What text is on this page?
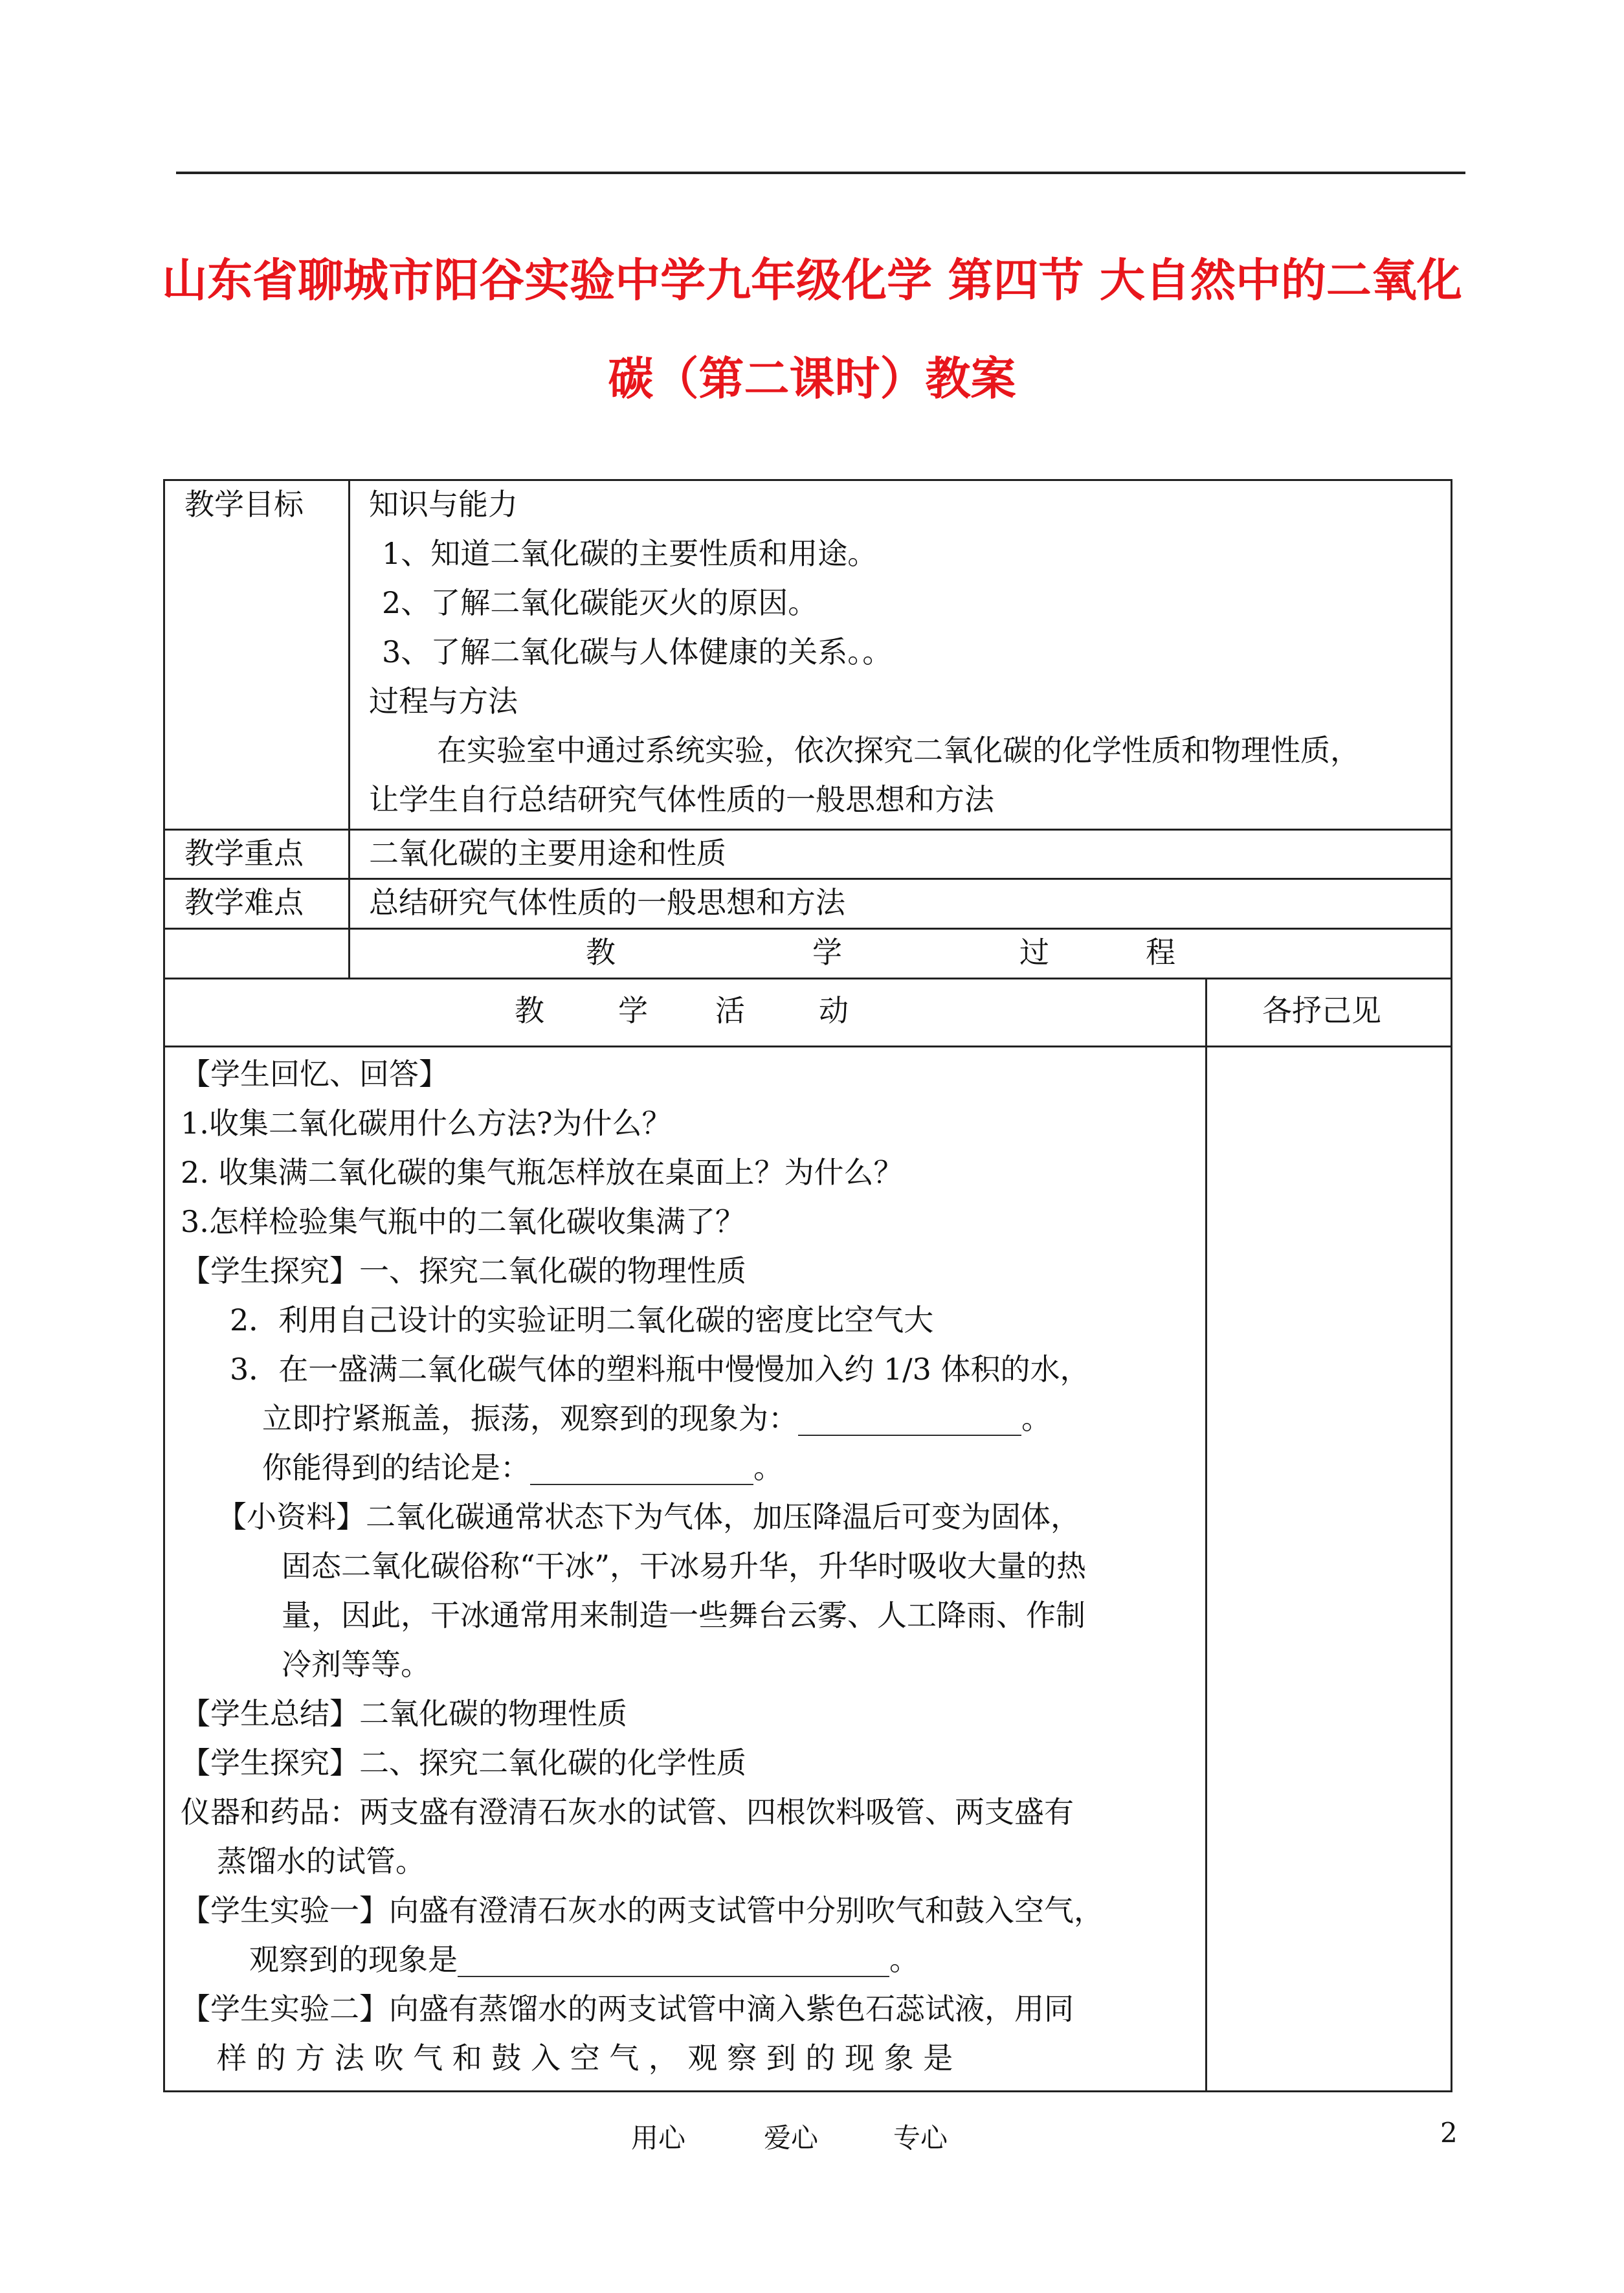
山东省聊城市阳谷实验中学九年级化学 第四节 大自然中的二氧化
碳（第二课时）教案
教学目标 知识与能力
1、知道二氧化碳的主要性质和用途。
2、了解二氧化碳能灭火的原因。
3、了解二氧化碳与人体健康的关系。。
过程与方法
在实验室中通过系统实验，依次探究二氧化碳的化学性质和物理性质，
让学生自行总结研究气体性质的一般思想和方法
教学重点 二氧化碳的主要用途和性质
教学难点 总结研究气体性质的一般思想和方法
教	学	过	程
教 学 活 动	各抒己见
【学生回忆、回答】
1.收集二氧化碳用什么方法?为什么？
2. 收集满二氧化碳的集气瓶怎样放在桌面上？为什么？
3.怎样检验集气瓶中的二氧化碳收集满了？
【学生探究】一、探究二氧化碳的物理性质
2．利用自己设计的实验证明二氧化碳的密度比空气大
3．在一盛满二氧化碳气体的塑料瓶中慢慢加入约 1/3 体积的水，
立即拧紧瓶盖，振荡，观察到的现象为：_______________。
你能得到的结论是：_______________。
【小资料】二氧化碳通常状态下为气体，加压降温后可变为固体，
固态二氧化碳俗称“干冰”，干冰易升华，升华时吸收大量的热
量，因此，干冰通常用来制造一些舞台云雾、人工降雨、作制
冷剂等等。
【学生总结】二氧化碳的物理性质
【学生探究】二、探究二氧化碳的化学性质
仪器和药品：两支盛有澄清石灰水的试管、四根饮料吸管、两支盛有
蒸馏水的试管。
【学生实验一】向盛有澄清石灰水的两支试管中分别吹气和鼓入空气，
观察到的现象是_____________________________。
【学生实验二】向盛有蒸馏水的两支试管中滴入紫色石蕊试液，用同
样 的 方 法 吹 气 和 鼓 入 空 气 ， 观 察 到 的 现 象 是
用心	爱心	专心	2
